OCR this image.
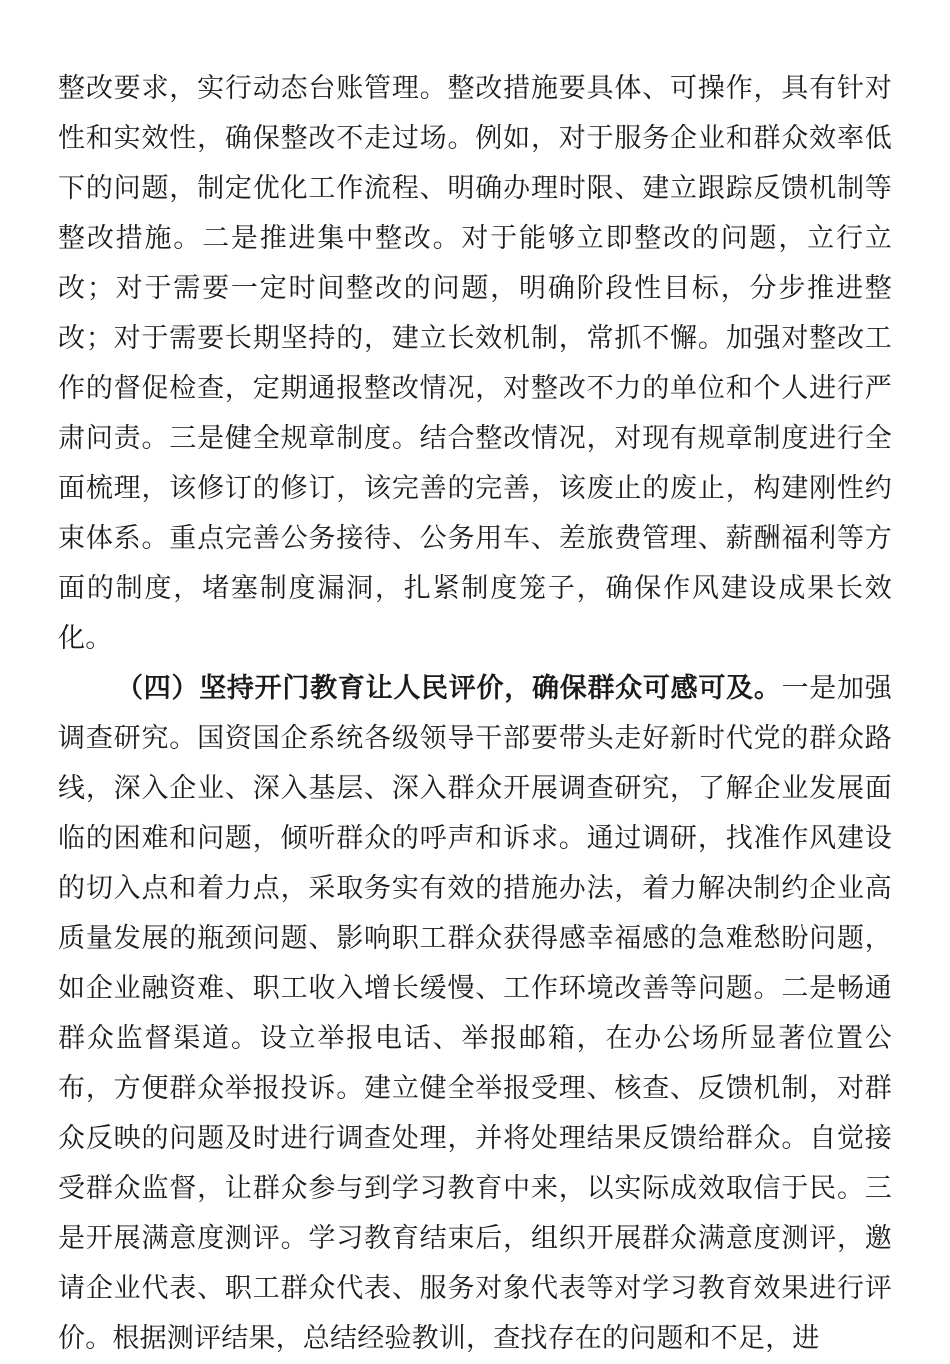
整改要求，实行动态台账管理。整改措施要具体、可操作，具有针对性和实效性，确保整改不走过场。例如，对于服务企业和群众效率低下的问题，制定优化工作流程、明确办理时限、建立跟踪反馈机制等整改措施。二是推进集中整改。对于能够立即整改的问题，立行立改；对于需要一定时间整改的问题，明确阶段性目标，分步推进整改；对于需要长期坚持的，建立长效机制，常抓不懈。加强对整改工作的督促检查，定期通报整改情况，对整改不力的单位和个人进行严肃问责。三是健全规章制度。结合整改情况，对现有规章制度进行全面梳理，该修订的修订，该完善的完善，该废止的废止，构建刚性约束体系。重点完善公务接待、公务用车、差旅费管理、薪酬福利等方面的制度，堵塞制度漏洞，扎紧制度笼子，确保作风建设成果长效化。

（四）坚持开门教育让人民评价，确保群众可感可及。一是加强调查研究。国资国企系统各级领导干部要带头走好新时代党的群众路线，深入企业、深入基层、深入群众开展调查研究，了解企业发展面临的困难和问题，倾听群众的呼声和诉求。通过调研，找准作风建设的切入点和着力点，采取务实有效的措施办法，着力解决制约企业高质量发展的瓶颈问题、影响职工群众获得感幸福感的急难愁盼问题，如企业融资难、职工收入增长缓慢、工作环境改善等问题。二是畅通群众监督渠道。设立举报电话、举报邮箱，在办公场所显著位置公布，方便群众举报投诉。建立健全举报受理、核查、反馈机制，对群众反映的问题及时进行调查处理，并将处理结果反馈给群众。自觉接受群众监督，让群众参与到学习教育中来，以实际成效取信于民。三是开展满意度测评。学习教育结束后，组织开展群众满意度测评，邀请企业代表、职工群众代表、服务对象代表等对学习教育效果进行评价。根据测评结果，总结经验教训，查找存在的问题和不足，进
